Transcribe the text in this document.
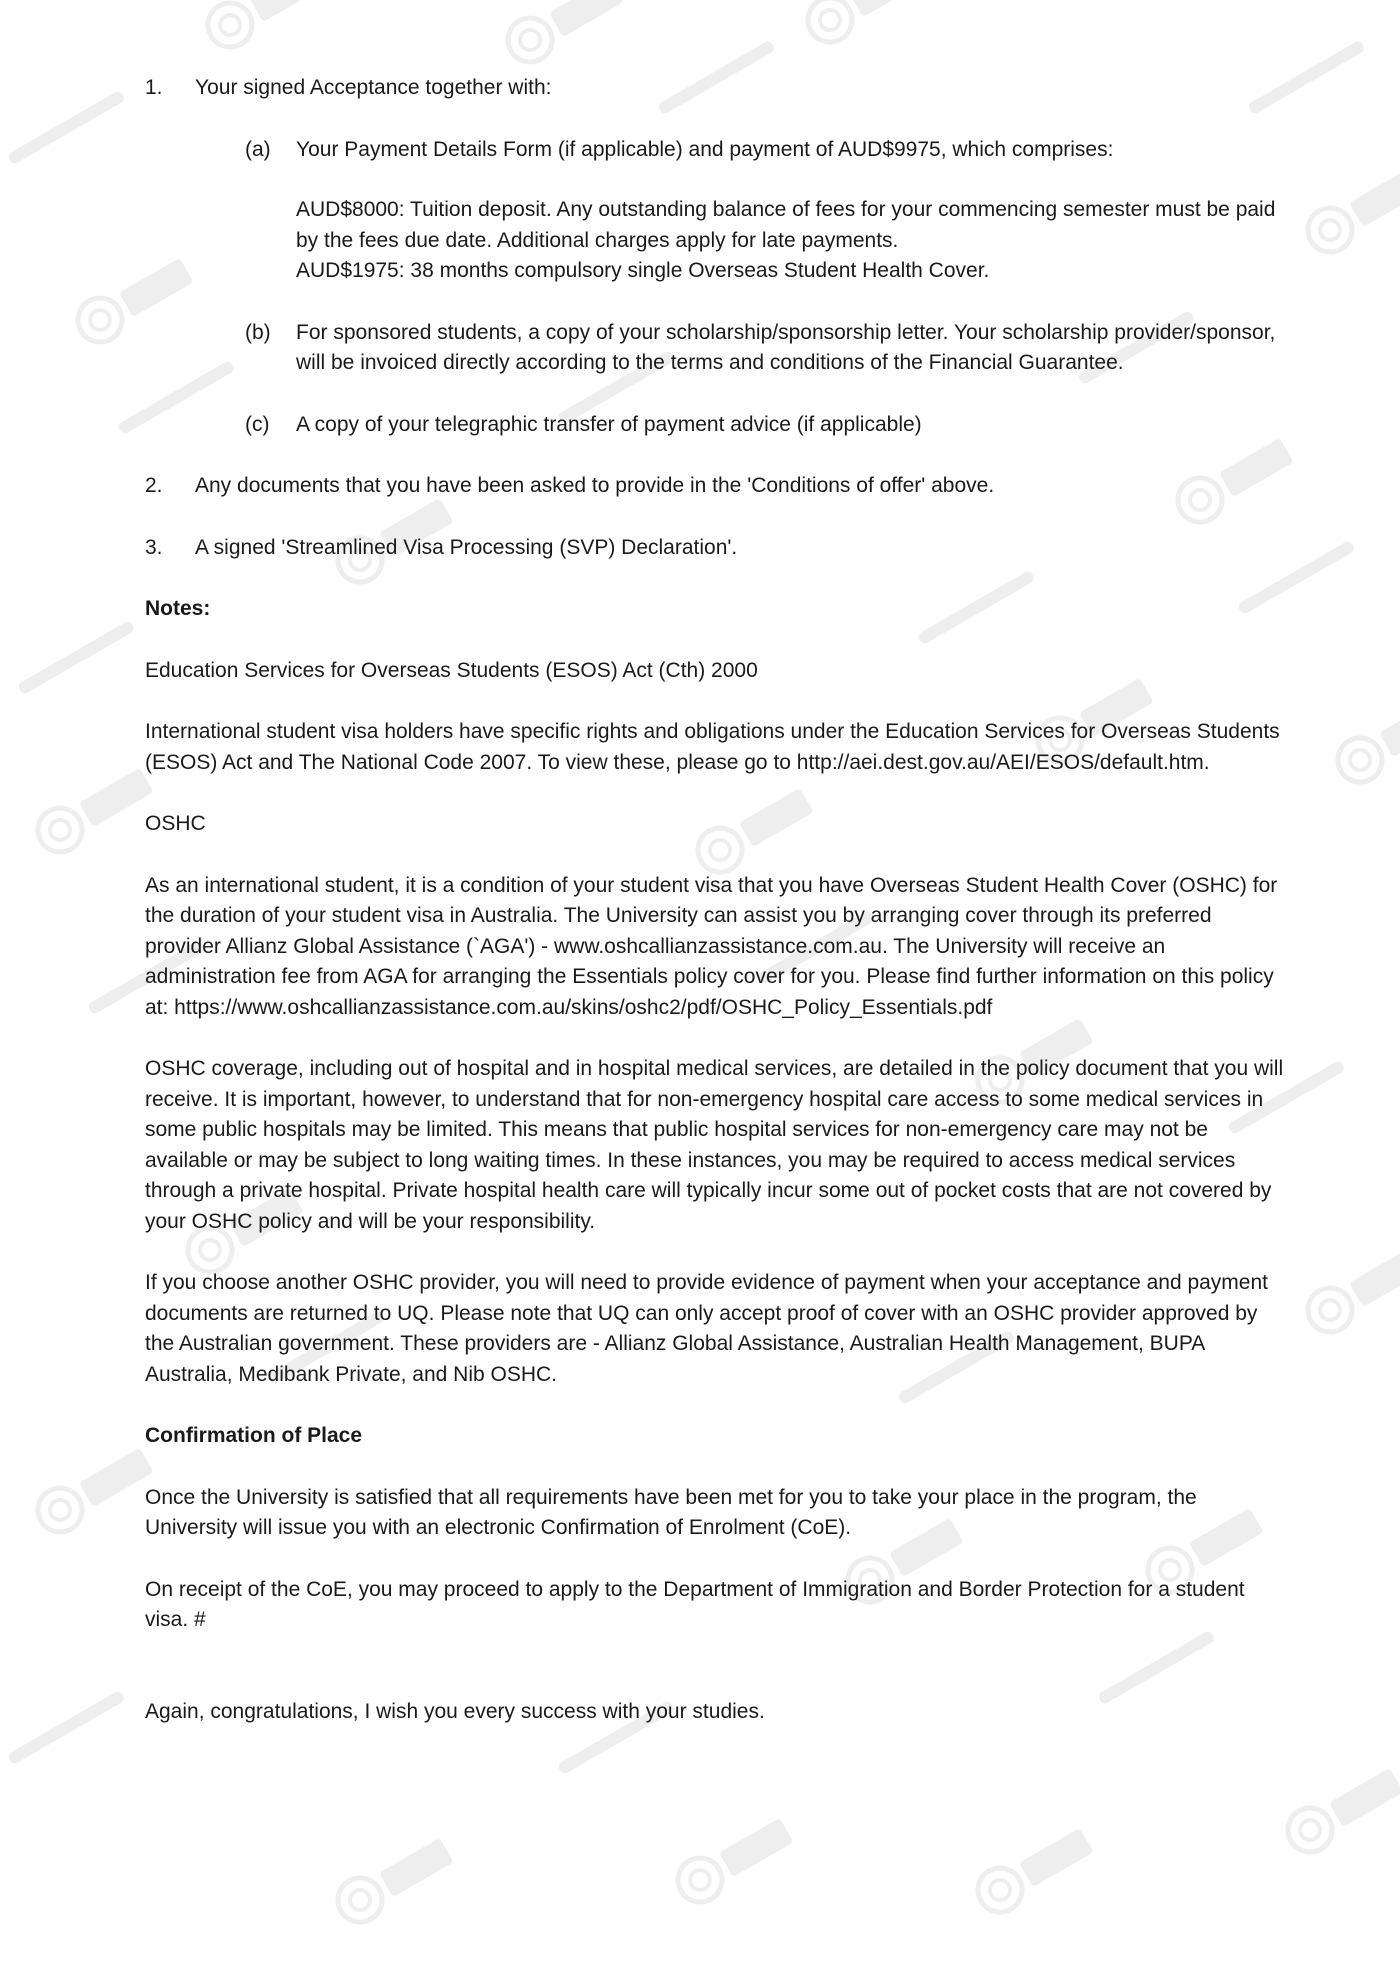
1. Your signed Acceptance together with:

(a) Your Payment Details Form (if applicable) and payment of AUD$9975, which comprises:

AUD$8000: Tuition deposit. Any outstanding balance of fees for your commencing semester must be paid by the fees due date. Additional charges apply for late payments.

AUD$1975: 38 months compulsory single Overseas Student Health Cover.

(b) For sponsored students, a copy of your scholarship/sponsorship letter. Your scholarship provider/sponsor, will be invoiced directly according to the terms and conditions of the Financial Guarantee.

(c) A copy of your telegraphic transfer of payment advice (if applicable)

2. Any documents that you have been asked to provide in the 'Conditions of offer' above.

3. A signed 'Streamlined Visa Processing (SVP) Declaration'.

Notes:

Education Services for Overseas Students (ESOS) Act (Cth) 2000

International student visa holders have specific rights and obligations under the Education Services for Overseas Students (ESOS) Act and The National Code 2007. To view these, please go to http://aei.dest.gov.au/AEI/ESOS/default.htm.

OSHC

As an international student, it is a condition of your student visa that you have Overseas Student Health Cover (OSHC) for the duration of your student visa in Australia. The University can assist you by arranging cover through its preferred provider Allianz Global Assistance (`AGA') - www.oshcallianzassistance.com.au. The University will receive an administration fee from AGA for arranging the Essentials policy cover for you. Please find further information on this policy at: https://www.oshcallianzassistance.com.au/skins/oshc2/pdf/OSHC_Policy_Essentials.pdf

OSHC coverage, including out of hospital and in hospital medical services, are detailed in the policy document that you will receive. It is important, however, to understand that for non-emergency hospital care access to some medical services in some public hospitals may be limited. This means that public hospital services for non-emergency care may not be available or may be subject to long waiting times. In these instances, you may be required to access medical services through a private hospital. Private hospital health care will typically incur some out of pocket costs that are not covered by your OSHC policy and will be your responsibility.

If you choose another OSHC provider, you will need to provide evidence of payment when your acceptance and payment documents are returned to UQ. Please note that UQ can only accept proof of cover with an OSHC provider approved by the Australian government. These providers are - Allianz Global Assistance, Australian Health Management, BUPA Australia, Medibank Private, and Nib OSHC.

Confirmation of Place

Once the University is satisfied that all requirements have been met for you to take your place in the program, the University will issue you with an electronic Confirmation of Enrolment (CoE).

On receipt of the CoE, you may proceed to apply to the Department of Immigration and Border Protection for a student visa. #

Again, congratulations, I wish you every success with your studies.
